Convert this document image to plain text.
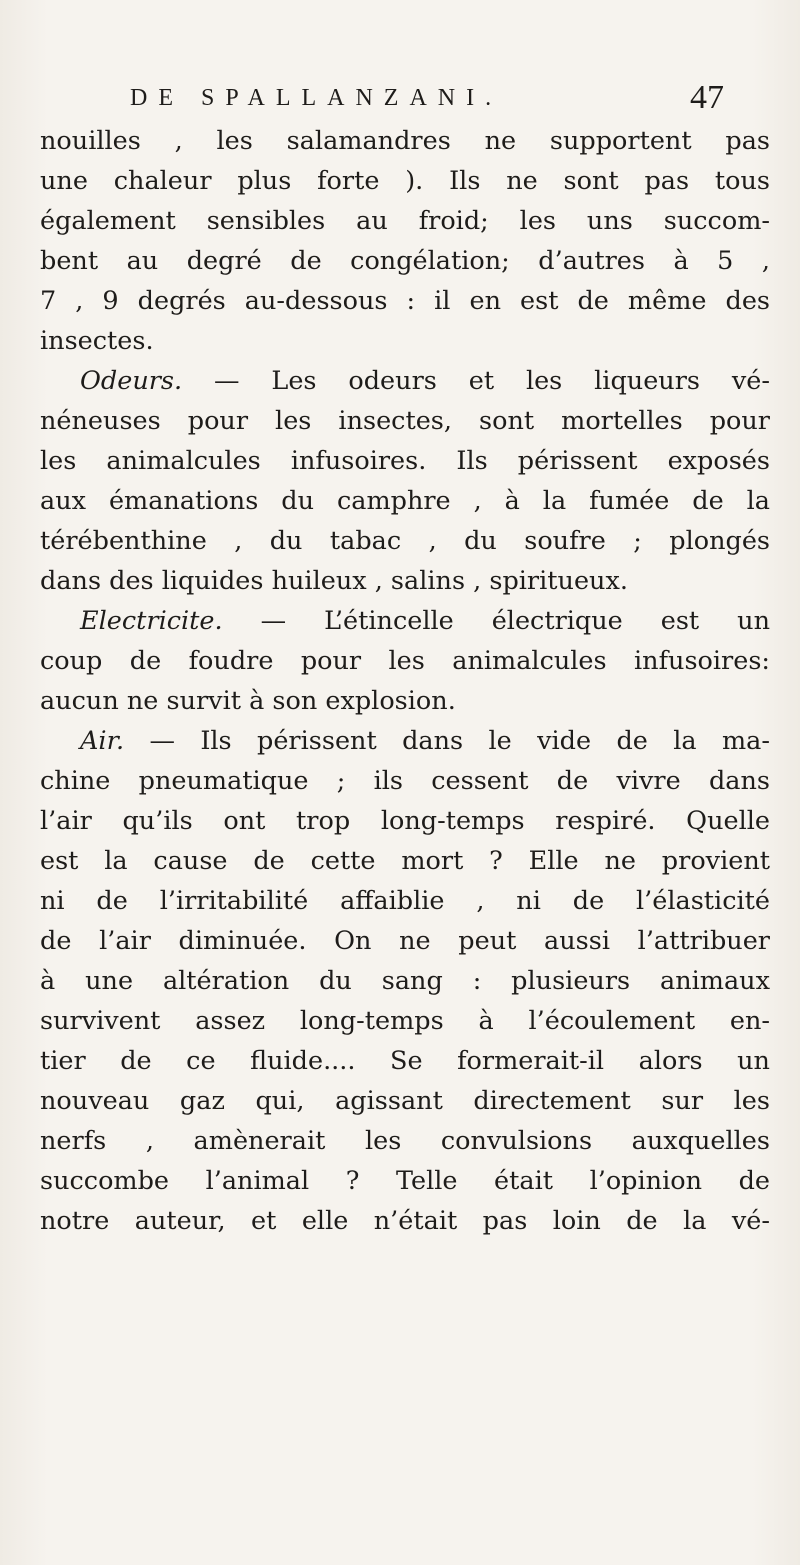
DE SPALLANZANI.	47
nouilles , les salamandres ne supportent pas
une chaleur plus forte ). Ils ne sont pas tous
également sensibles au froid; les uns succom-
bent au degré de congélation; d’autres à 5 ,
7 , 9 degrés au-dessous : il en est de même des
insectes.
Odeurs. — Les odeurs et les liqueurs vé-
néneuses pour les insectes, sont mortelles pour
les animalcules infusoires. Ils périssent exposés
aux émanations du camphre , à la fumée de la
térébenthine , du tabac , du soufre ; plongés
dans des liquides huileux , salins , spiritueux.
Electricite. — L’étincelle électrique est un
coup de foudre pour les animalcules infusoires:
aucun ne survit à son explosion.
Air. — Ils périssent dans le vide de la ma-
chine pneumatique ; ils cessent de vivre dans
l’air qu’ils ont trop long-temps respiré. Quelle
est la cause de cette mort ? Elle ne provient
ni de l’irritabilité affaiblie , ni de l’élasticité
de l’air diminuée. On ne peut aussi l’attribuer
à une altération du sang : plusieurs animaux
survivent assez long-temps à l’écoulement en-
tier de ce fluide.... Se formerait-il alors un
nouveau gaz qui, agissant directement sur les
nerfs , amènerait les convulsions auxquelles
succombe l’animal ? Telle était l’opinion de
notre auteur, et elle n’était pas loin de la vé-
